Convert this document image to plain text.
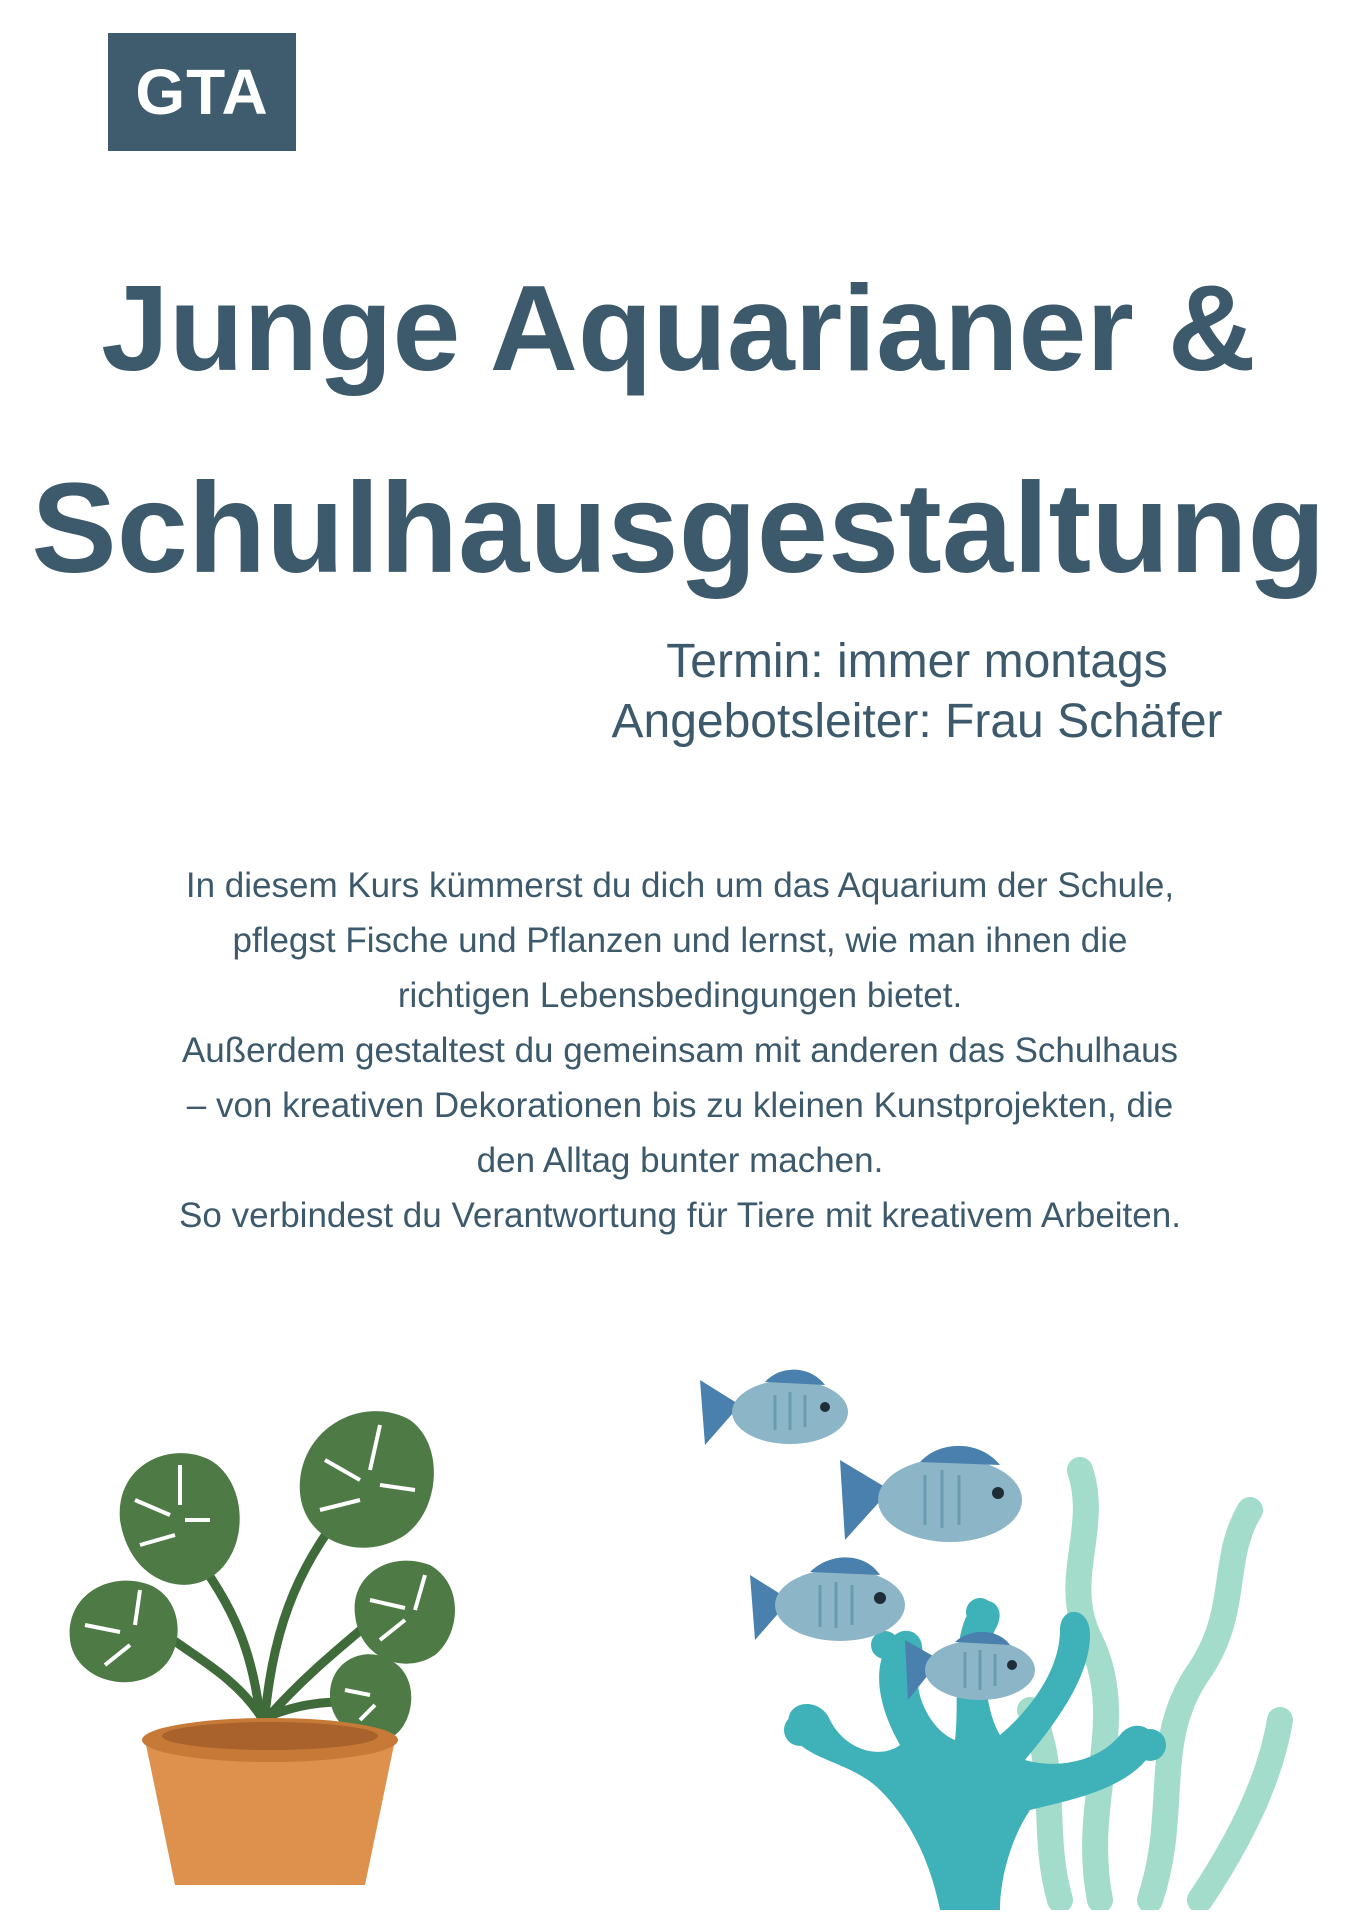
GTA
Junge Aquarianer &
Schulhausgestaltung
Termin: immer montags
Angebotsleiter: Frau Schäfer

In diesem Kurs kümmerst du dich um das Aquarium der Schule, pflegst Fische und Pflanzen und lernst, wie man ihnen die richtigen Lebensbedingungen bietet.

Außerdem gestaltest du gemeinsam mit anderen das Schulhaus – von kreativen Dekorationen bis zu kleinen Kunstprojekten, die den Alltag bunter machen.

So verbindest du Verantwortung für Tiere mit kreativem Arbeiten.
